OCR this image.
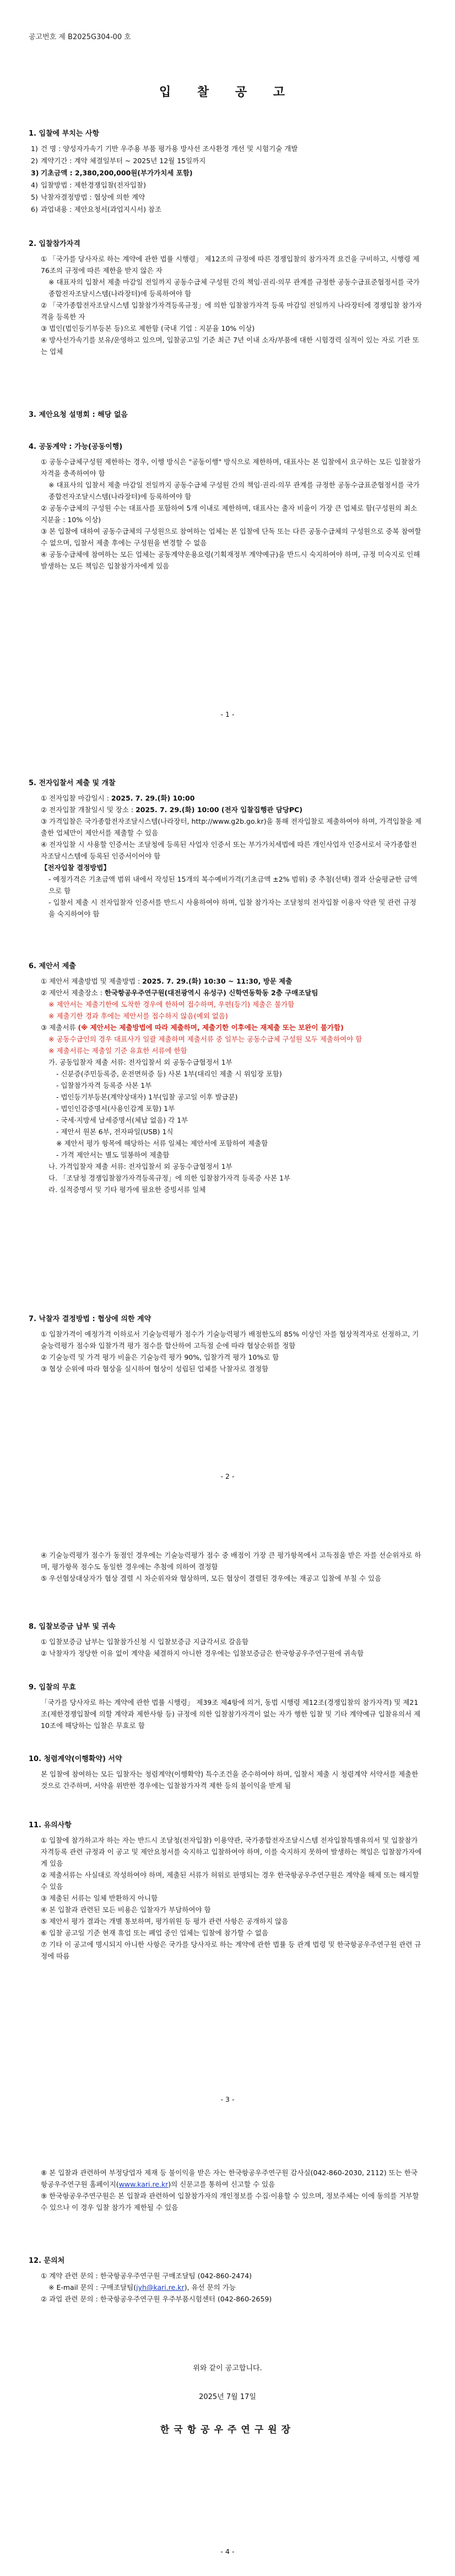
공고번호 제 B2025G304-00 호
입 찰 공 고
1. 입찰에 부치는 사항
1) 건 명 : 양성자가속기 기반 우주용 부품 평가용 방사선 조사환경 개선 및 시험기술 개발
2) 계약기간 : 계약 체결일부터 ~ 2025년 12월 15일까지
3) 기초금액 : 2,380,200,000원(부가가치세 포함)
4) 입찰방법 : 제한경쟁입찰(전자입찰)
5) 낙찰자결정방법 : 협상에 의한 계약
6) 과업내용 : 제안요청서(과업지시서) 참조
2. 입찰참가자격
① 「국가를 당사자로 하는 계약에 관한 법률 시행령」 제12조의 규정에 따른 경쟁입찰의 참가자격 요건을 구비하고, 시행령 제76조의 규정에 따른 제한을 받지 않은 자
※ 대표자의 입찰서 제출 마감일 전일까지 공동수급체 구성원 간의 책임·권리·의무 관계를 규정한 공동수급표준협정서를 국가종합전자조달시스템(나라장터)에 등록하여야 함
② 「국가종합전자조달시스템 입찰참가자격등록규정」에 의한 입찰참가자격 등록 마감일 전일까지 나라장터에 경쟁입찰 참가자격을 등록한 자
③ 법인(법인등기부등본 등)으로 제한함 (국내 기업 : 지분율 10% 이상)
④ 방사선가속기를 보유/운영하고 있으며, 입찰공고일 기준 최근 7년 이내 소자/부품에 대한 시험경력 실적이 있는 자로 기관 또는 업체
3. 제안요청 설명회 : 해당 없음
4. 공동계약 : 가능(공동이행)
① 공동수급체구성원 제한하는 경우, 이행 방식은 "공동이행" 방식으로 제한하며, 대표사는 본 입찰에서 요구하는 모든 입찰참가자격을 충족하여야 함
※ 대표사의 입찰서 제출 마감일 전일까지 공동수급체 구성원 간의 책임·권리·의무 관계를 규정한 공동수급표준협정서를 국가종합전자조달시스템(나라장터)에 등록하여야 함
② 공동수급체의 구성원 수는 대표사를 포함하여 5개 이내로 제한하며, 대표사는 출자 비율이 가장 큰 업체로 함(구성원의 최소 지분율 : 10% 이상)
③ 본 입찰에 대하여 공동수급체의 구성원으로 참여하는 업체는 본 입찰에 단독 또는 다른 공동수급체의 구성원으로 중복 참여할 수 없으며, 입찰서 제출 후에는 구성원을 변경할 수 없음
④ 공동수급체에 참여하는 모든 업체는 공동계약운용요령(기획재정부 계약예규)을 반드시 숙지하여야 하며, 규정 미숙지로 인해 발생하는 모든 책임은 입찰참가자에게 있음
- 1 -
5. 전자입찰서 제출 및 개찰
① 전자입찰 마감일시 : 2025. 7. 29.(화) 10:00
② 전자입찰 개찰일시 및 장소 : 2025. 7. 29.(화) 10:00 (전자 입찰집행관 담당PC)
③ 가격입찰은 국가종합전자조달시스템(나라장터, http://www.g2b.go.kr)을 통해 전자입찰로 제출하여야 하며, 가격입찰을 제출한 업체만이 제안서를 제출할 수 있음
④ 전자입찰 시 사용할 인증서는 조달청에 등록된 사업자 인증서 또는 부가가치세법에 따른 개인사업자 인증서로서 국가종합전자조달시스템에 등록된 인증서이어야 함
【전자입찰 결정방법】
- 예정가격은 기초금액 범위 내에서 작성된 15개의 복수예비가격(기초금액 ±2% 범위) 중 추첨(선택) 결과 산술평균한 금액으로 함
- 입찰서 제출 시 전자입찰자 인증서를 반드시 사용하여야 하며, 입찰 참가자는 조달청의 전자입찰 이용자 약관 및 관련 규정을 숙지하여야 함
6. 제안서 제출
① 제안서 제출방법 및 제출방법 : 2025. 7. 29.(화) 10:30 ~ 11:30, 방문 제출
② 제안서 제출장소 : 한국항공우주연구원(대전광역시 유성구) 신학연동학동 2층 구매조달팀
※ 제안서는 제출기한에 도착한 경우에 한하여 접수하며, 우편(등기) 제출은 불가함
※ 제출기한 경과 후에는 제안서를 접수하지 않음(예외 없음)
③ 제출서류 (※ 제안서는 제출방법에 따라 제출하며, 제출기한 이후에는 재제출 또는 보완이 불가함)
※ 공동수급인의 경우 대표사가 일괄 제출하며 제출서류 중 일부는 공동수급체 구성원 모두 제출하여야 함
※ 제출서류는 제출일 기준 유효한 서류에 한함
가. 공동입찰자 제출 서류: 전자입찰서 외 공동수급협정서 1부
- 신분증(주민등록증, 운전면허증 등) 사본 1부(대리인 제출 시 위임장 포함)
- 입찰참가자격 등록증 사본 1부
- 법인등기부등본(계약상대자) 1부(입찰 공고일 이후 발급분)
- 법인인감증명서(사용인감계 포함) 1부
- 국세·지방세 납세증명서(체납 없음) 각 1부
- 제안서 원본 6부, 전자파일(USB) 1식
※ 제안서 평가 항목에 해당하는 서류 일체는 제안서에 포함하여 제출함
- 가격 제안서는 별도 밀봉하여 제출함
나. 가격입찰자 제출 서류: 전자입찰서 외 공동수급협정서 1부
다. 「조달청 경쟁입찰참가자격등록규정」에 의한 입찰참가자격 등록증 사본 1부
라. 실적증명서 및 기타 평가에 필요한 증빙서류 일체
7. 낙찰자 결정방법 : 협상에 의한 계약
① 입찰가격이 예정가격 이하로서 기술능력평가 점수가 기술능력평가 배점한도의 85% 이상인 자를 협상적격자로 선정하고, 기술능력평가 점수와 입찰가격 평가 점수를 합산하여 고득점 순에 따라 협상순위를 정함
② 기술능력 및 가격 평가 비율은 기술능력 평가 90%, 입찰가격 평가 10%로 함
③ 협상 순위에 따라 협상을 실시하여 협상이 성립된 업체를 낙찰자로 결정함
- 2 -
④ 기술능력평가 점수가 동점인 경우에는 기술능력평가 점수 중 배점이 가장 큰 평가항목에서 고득점을 받은 자를 선순위자로 하며, 평가항목 점수도 동일한 경우에는 추첨에 의하여 결정함
⑤ 우선협상대상자가 협상 결렬 시 차순위자와 협상하며, 모든 협상이 결렬된 경우에는 재공고 입찰에 부칠 수 있음
8. 입찰보증금 납부 및 귀속
① 입찰보증금 납부는 입찰참가신청 시 입찰보증금 지급각서로 갈음함
② 낙찰자가 정당한 이유 없이 계약을 체결하지 아니한 경우에는 입찰보증금은 한국항공우주연구원에 귀속함
9. 입찰의 무효
「국가를 당사자로 하는 계약에 관한 법률 시행령」 제39조 제4항에 의거, 동법 시행령 제12조(경쟁입찰의 참가자격) 및 제21조(제한경쟁입찰에 의할 계약과 제한사항 등) 규정에 의한 입찰참가자격이 없는 자가 행한 입찰 및 기타 계약예규 입찰유의서 제10조에 해당하는 입찰은 무효로 함
10. 청렴계약(이행확약) 서약
본 입찰에 참여하는 모든 입찰자는 청렴계약(이행확약) 특수조건을 준수하여야 하며, 입찰서 제출 시 청렴계약 서약서를 제출한 것으로 간주하며, 서약을 위반한 경우에는 입찰참가자격 제한 등의 불이익을 받게 됨
11. 유의사항
① 입찰에 참가하고자 하는 자는 반드시 조달청(전자입찰) 이용약관, 국가종합전자조달시스템 전자입찰특별유의서 및 입찰참가자격등록 관련 규정과 이 공고 및 제안요청서를 숙지하고 입찰하여야 하며, 이를 숙지하지 못하여 발생하는 책임은 입찰참가자에게 있음
② 제출서류는 사실대로 작성하여야 하며, 제출된 서류가 허위로 판명되는 경우 한국항공우주연구원은 계약을 해제 또는 해지할 수 있음
③ 제출된 서류는 일체 반환하지 아니함
④ 본 입찰과 관련된 모든 비용은 입찰자가 부담하여야 함
⑤ 제안서 평가 결과는 개별 통보하며, 평가위원 등 평가 관련 사항은 공개하지 않음
⑥ 입찰 공고일 기준 현재 휴업 또는 폐업 중인 업체는 입찰에 참가할 수 없음
⑦ 기타 이 공고에 명시되지 아니한 사항은 국가를 당사자로 하는 계약에 관한 법률 등 관계 법령 및 한국항공우주연구원 관련 규정에 따름
- 3 -
⑧ 본 입찰과 관련하여 부정당업자 제재 등 불이익을 받은 자는 한국항공우주연구원 감사실(042-860-2030, 2112) 또는 한국항공우주연구원 홈페이지(www.kari.re.kr)의 신문고를 통하여 신고할 수 있음
⑨ 한국항공우주연구원은 본 입찰과 관련하여 입찰참가자의 개인정보를 수집·이용할 수 있으며, 정보주체는 이에 동의를 거부할 수 있으나 이 경우 입찰 참가가 제한될 수 있음
12. 문의처
① 계약 관련 문의 : 한국항공우주연구원 구매조달팀 (042-860-2474)
※ E-mail 문의 : 구매조달팀(jyh@kari.re.kr), 유선 문의 가능
② 과업 관련 문의 : 한국항공우주연구원 우주부품시험센터 (042-860-2659)
위와 같이 공고합니다.
2025년 7월 17일
한국항공우주연구원장
- 4 -
